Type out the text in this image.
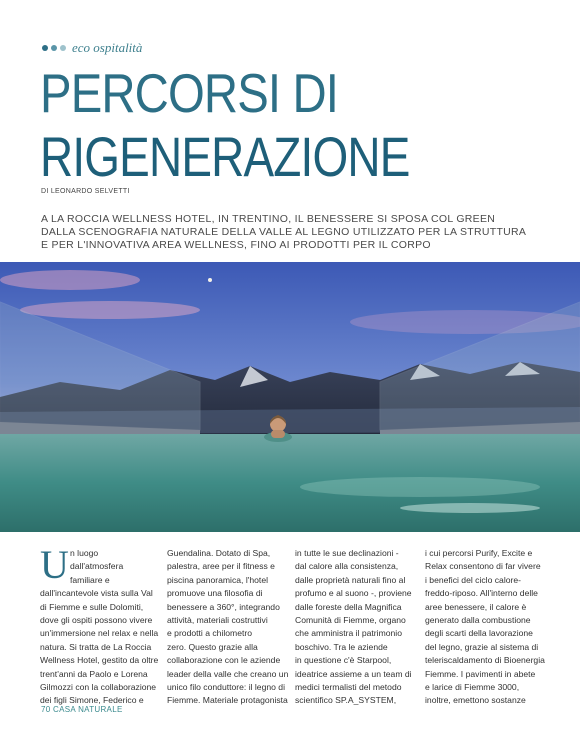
eco ospitalità
PERCORSI DI
RIGENERAZIONE
DI LEONARDO SELVETTI
A LA ROCCIA WELLNESS HOTEL, IN TRENTINO, IL BENESSERE SI SPOSA COL GREEN
DALLA SCENOGRAFIA NATURALE DELLA VALLE AL LEGNO UTILIZZATO PER LA STRUTTURA
E PER L'INNOVATIVA AREA WELLNESS, FINO AI PRODOTTI PER IL CORPO
U n luogo
dall'atmosfera
familiare e
dall'incantevole vista sulla Val
di Fiemme e sulle Dolomiti,
dove gli ospiti possono vivere
un'immersione nel relax e nella
natura. Si tratta de La Roccia
Wellness Hotel, gestito da oltre
trent'anni da Paolo e Lorena
Gilmozzi con la collaborazione
dei figli Simone, Federico e
Guendalina. Dotato di Spa,
palestra, aree per il fitness e
piscina panoramica, l'hotel
promuove una filosofia di
benessere a 360°, integrando
attività, materiali costruttivi
e prodotti a chilometro
zero. Questo grazie alla
collaborazione con le aziende
leader della valle che creano un
unico filo conduttore: il legno di
Fiemme. Materiale protagonista
in tutte le sue declinazioni -
dal calore alla consistenza,
dalle proprietà naturali fino al
profumo e al suono -, proviene
dalle foreste della Magnifica
Comunità di Fiemme, organo
che amministra il patrimonio
boschivo. Tra le aziende
in questione c'è Starpool,
ideatrice assieme a un team di
medici termalisti del metodo
scientifico SP.A_SYSTEM,
i cui percorsi Purify, Excite e
Relax consentono di far vivere
i benefici del ciclo calore-
freddo-riposo. All'interno delle
aree benessere, il calore è
generato dalla combustione
degli scarti della lavorazione
del legno, grazie al sistema di
teleriscaldamento di Bioenergia
Fiemme. I pavimenti in abete
e larice di Fiemme 3000,
inoltre, emettono sostanze
70 CASA NATURALE
